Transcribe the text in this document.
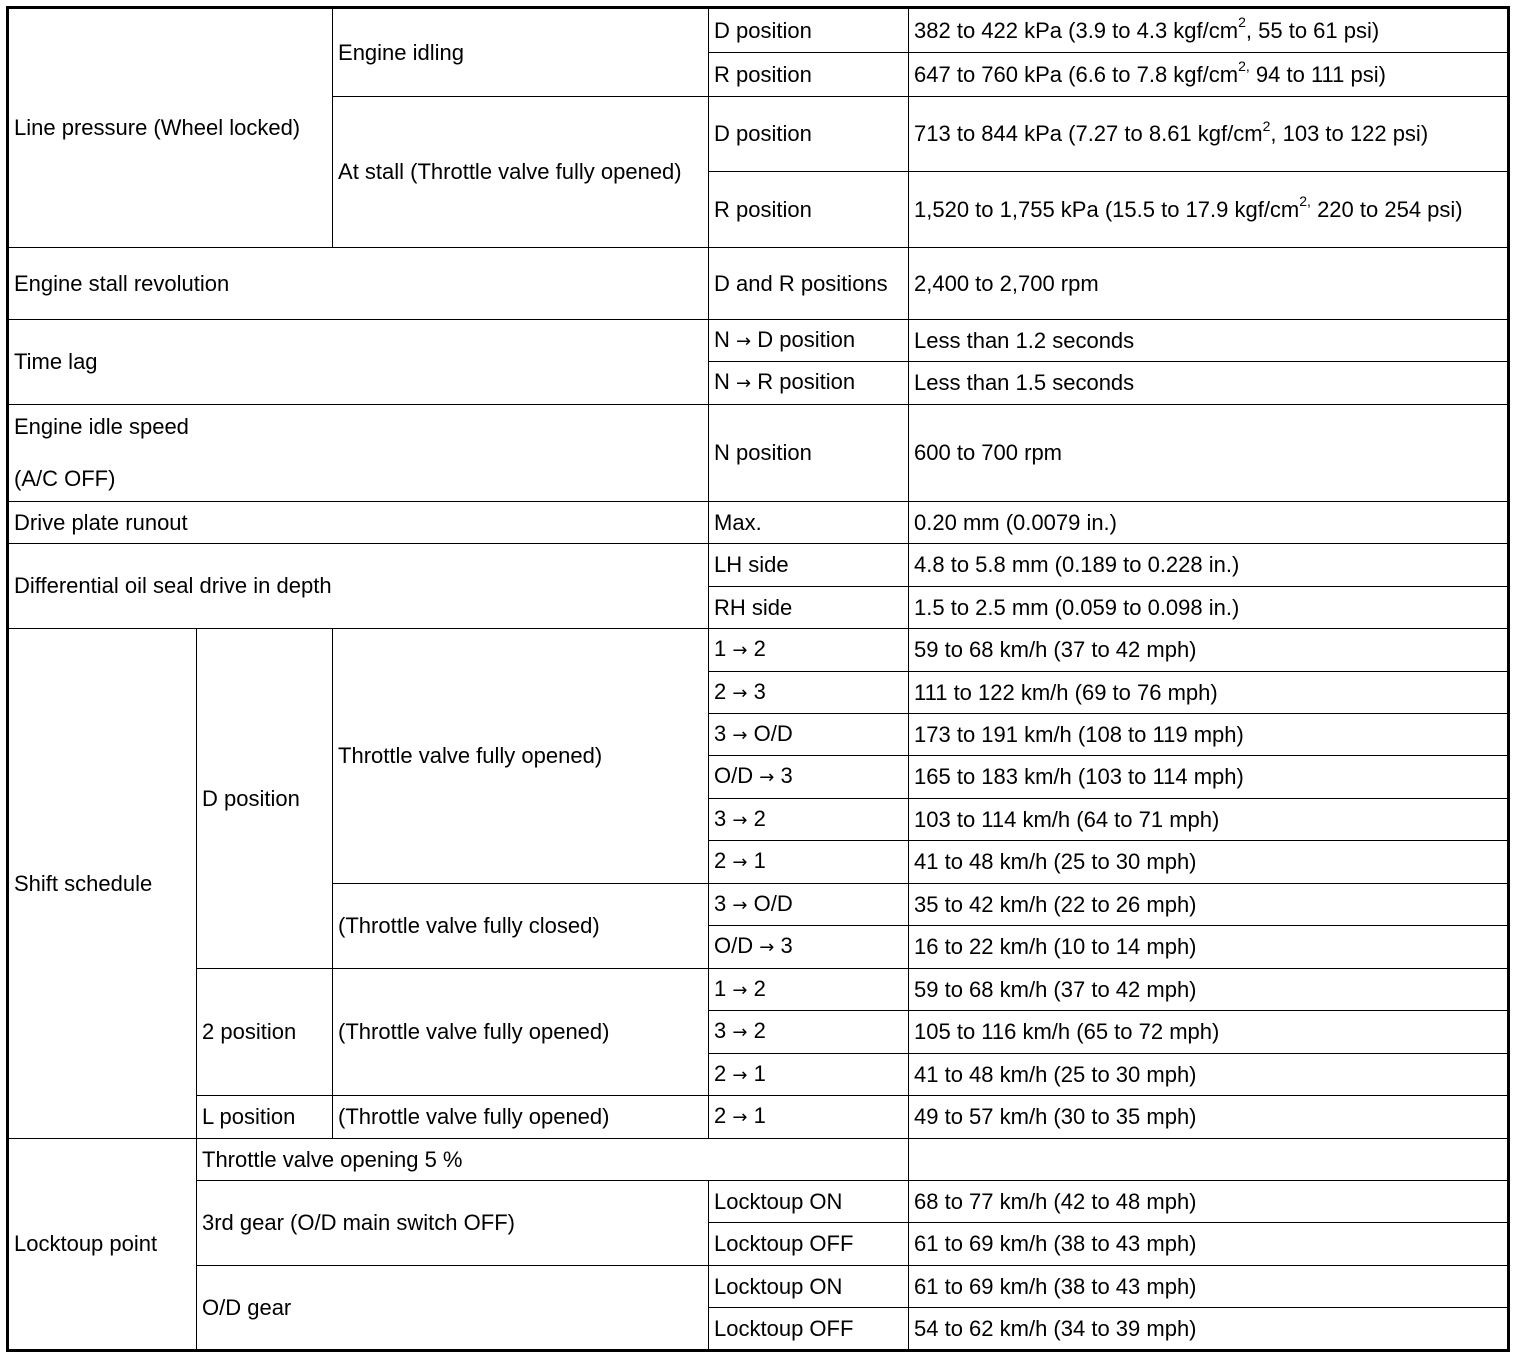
Line pressure (Wheel locked)		Engine idling	D position	382 to 422 kPa (3.9 to 4.3 kgf/$cm^2$, 55 to 61 psi)
			R position	647 to 760 kPa (6.6 to 7.8 kgf/$cm^{2,}$ 94 to 111 psi)
		At stall (Throttle valve fully opened)	D position	713 to 844 kPa (7.27 to 8.61 kgf/$cm^2$, 103 to 122 psi)
			R position	1,520 to 1,755 kPa (15.5 to 17.9 kgf/$cm^{2,}$ 220 to 254 psi)
Engine stall revolution			D and R positions	2,400 to 2,700 rpm
Time lag			N → D position	Less than 1.2 seconds
			N → R position	Less than 1.5 seconds

Engine idle speed
(A/C OFF)			N position	600 to 700 rpm
Drive plate runout			Max.	0.20 mm (0.0079 in.)
Differential oil seal drive in depth			LH side	4.8 to 5.8 mm (0.189 to 0.228 in.)
			RH side	1.5 to 2.5 mm (0.059 to 0.098 in.)
Shift schedule	D position	Throttle valve fully opened)	1 → 2	59 to 68 km/h (37 to 42 mph)
			2 → 3	111 to 122 km/h (69 to 76 mph)
			3 → O/D	173 to 191 km/h (108 to 119 mph)
			O/D → 3	165 to 183 km/h (103 to 114 mph)
			3 → 2	103 to 114 km/h (64 to 71 mph)
			2 → 1	41 to 48 km/h (25 to 30 mph)
		(Throttle valve fully closed)	3 → O/D	35 to 42 km/h (22 to 26 mph)
			O/D → 3	16 to 22 km/h (10 to 14 mph)
	2 position	(Throttle valve fully opened)	1 → 2	59 to 68 km/h (37 to 42 mph)
			3 → 2	105 to 116 km/h (65 to 72 mph)
			2 → 1	41 to 48 km/h (25 to 30 mph)
	L position	(Throttle valve fully opened)	2 → 1	49 to 57 km/h (30 to 35 mph)
Locktoup point	Throttle valve opening 5 %			
	3rd gear (O/D main switch OFF)		Locktoup ON	68 to 77 km/h (42 to 48 mph)
			Locktoup OFF	61 to 69 km/h (38 to 43 mph)
	O/D gear		Locktoup ON	61 to 69 km/h (38 to 43 mph)
			Locktoup OFF	54 to 62 km/h (34 to 39 mph)
